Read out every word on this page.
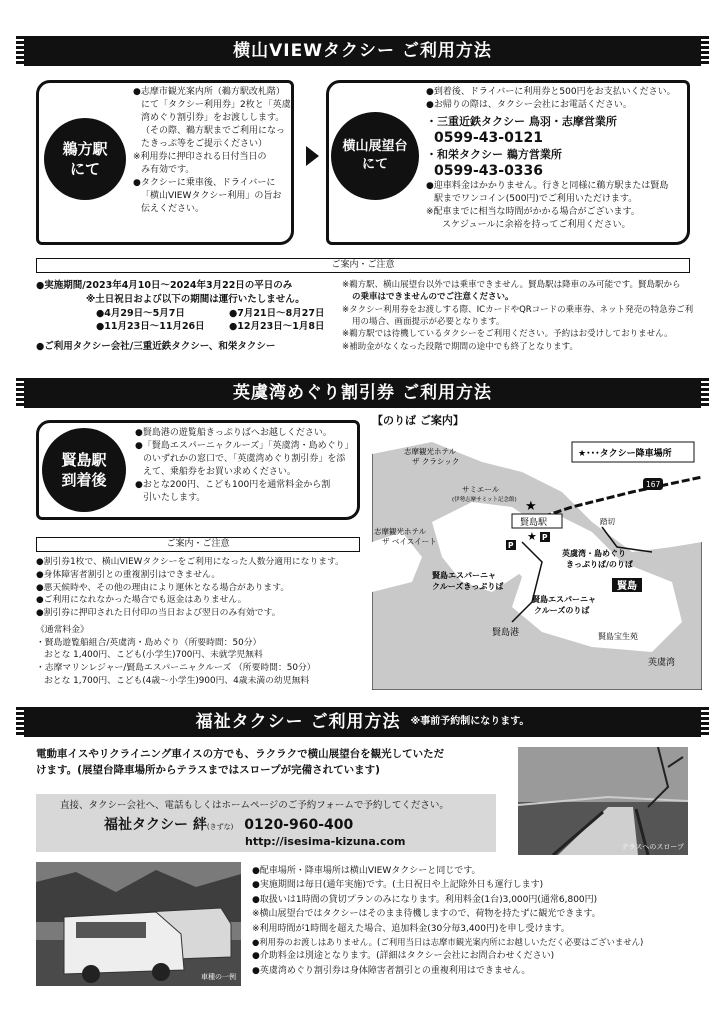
横山VIEWタクシー ご利用方法
鵜方駅
にて

●志摩市観光案内所（鵜方駅改札階）

にて「タクシー利用券」2枚と「英虞

湾めぐり割引券」をお渡しします。

（その際、鵜方駅までご利用になっ

たきっぷ等をご提示ください）

※利用券に押印される日付当日の

み有効です。

●タクシーに乗車後、ドライバーに

「横山VIEWタクシー利用」の旨お

伝えください。

横山展望台
にて

●到着後、ドライバーに利用券と500円をお支払いください。

●お帰りの際は、タクシー会社にお電話ください。

・三重近鉄タクシー 鳥羽・志摩営業所

0599-43-0121

・和栄タクシー 鵜方営業所

0599-43-0336

●迎車料金はかかりません。行きと同様に鵜方駅または賢島

駅までワンコイン(500円)でご利用いただけます。

※配車までに相当な時間がかかる場合がございます。

スケジュールに余裕を持ってご利用ください。

ご案内・ご注意

●実施期間/2023年4月10日～2024年3月22日の平日のみ

※土日祝日および以下の期間は運行いたしません。

●4月29日～5月7日	●7月21日～8月27日
●11月23日～11月26日	●12月23日～1月8日

●ご利用タクシー会社/三重近鉄タクシー、和栄タクシー

※鵜方駅、横山展望台以外では乗車できません。賢島駅は降車のみ可能です。賢島駅から

の乗車はできませんのでご注意ください。

※タクシー利用券をお渡しする際、ICカードやQRコードの乗車券、ネット発売の特急券ご利

用の場合、画面提示が必要となります。

※鵜方駅では待機しているタクシーをご利用ください。予約はお受けしておりません。

※補助金がなくなった段階で期間の途中でも終了となります。

英虞湾めぐり割引券 ご利用方法
賢島駅
到着後

●賢島港の遊覧船きっぷりばへお越しください。

●「賢島エスパーニャクルーズ」「英虞湾・島めぐり」

のいずれかの窓口で、「英虞湾めぐり割引券」を添

えて、乗船券をお買い求めください。

●おとな200円、こども100円を通常料金から割

引いたします。

ご案内・ご注意

●割引券1枚で、横山VIEWタクシーをご利用になった人数分適用になります。

●身体障害者割引との重複割引はできません。

●悪天候時や、その他の理由により運休となる場合があります。

●ご利用になれなかった場合でも返金はありません。

●割引券に押印された日付印の当日および翌日のみ有効です。

《通常料金》

・賢島遊覧船組合/英虞湾・島めぐり（所要時間：50分）

おとな 1,400円、こども(小学生)700円、未就学児無料

・志摩マリンレジャー/賢島エスパーニャクルーズ （所要時間：50分）

おとな 1,700円、こども(4歳～小学生)900円、4歳未満の幼児無料

【のりば ご案内】
★･･･タクシー降車場所
志摩観光ホテル
ザ クラシック
サミエール
(伊勢志摩サミット記念館)
志摩観光ホテル
ザ ベイスイート
賢島駅
★
★
踏切
167
P
P
英虞湾・島めぐり
きっぷりば/のりば
賢島エスパーニャ
クルーズきっぷりば
賢島エスパーニャ
クルーズのりば
賢島
賢島港	賢島宝生苑
英虞湾
福祉タクシー ご利用方法 ※事前予約制になります。

電動車イスやリクライニング車イスの方でも、ラクラクで横山展望台を観光していただ

けます。(展望台降車場所からテラスまではスロープが完備されています)

直接、タクシー会社へ、電話もしくはホームページのご予約フォームで予約してください。
福祉タクシー 絆(きずな) 0120-960-400
http://isesima-kizuna.com	テラスへのスロープ
車種の一例

●配車場所・降車場所は横山VIEWタクシーと同じです。

●実施期間は毎日(通年実施)です。(土日祝日や上記除外日も運行します)

●取扱いは1時間の貸切プランのみになります。利用料金(1台)3,000円(通常6,800円)

※横山展望台ではタクシーはそのまま待機しますので、荷物を持たずに観光できます。

※利用時間が1時間を超えた場合、追加料金(30分毎3,400円)を申し受けます。

●利用券のお渡しはありません。(ご利用当日は志摩市観光案内所にお越しいただく必要はございません)

●介助料金は別途となります。(詳細はタクシー会社にお問合わせください)

●英虞湾めぐり割引券は身体障害者割引との重複利用はできません。
